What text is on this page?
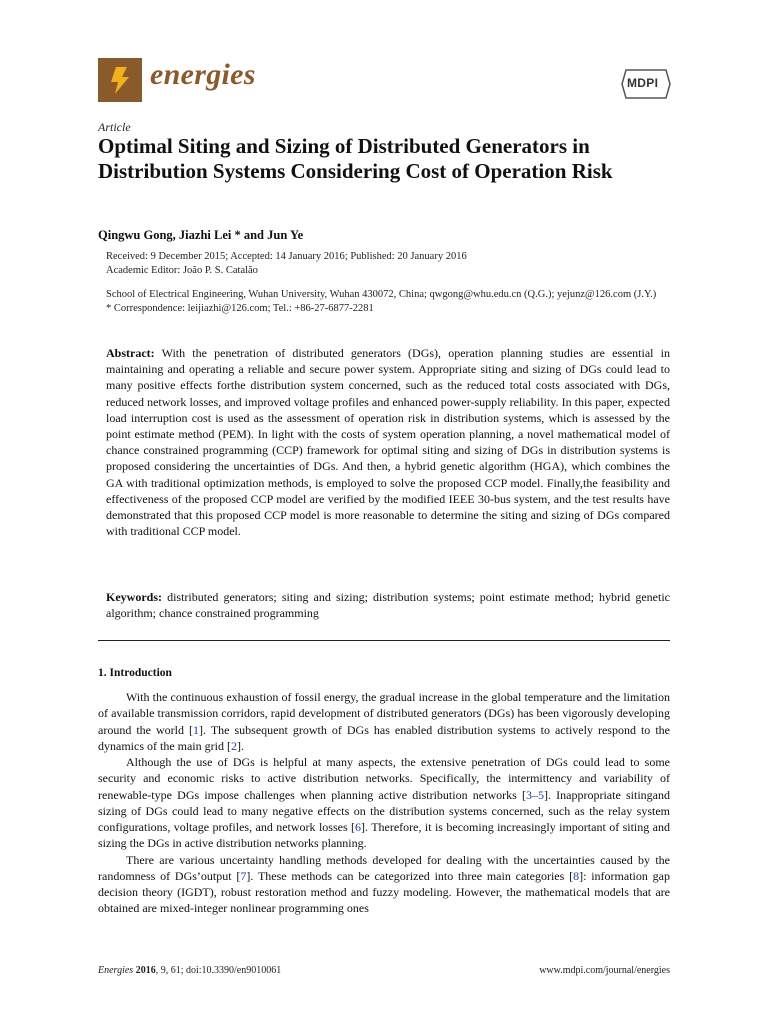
energies	MDPI
Article
Optimal Siting and Sizing of Distributed Generators in Distribution Systems Considering Cost of Operation Risk
Qingwu Gong, Jiazhi Lei * and Jun Ye
Received: 9 December 2015; Accepted: 14 January 2016; Published: 20 January 2016
Academic Editor: João P. S. Catalão
School of Electrical Engineering, Wuhan University, Wuhan 430072, China; qwgong@whu.edu.cn (Q.G.); yejunz@126.com (J.Y.)
* Correspondence: leijiazhi@126.com; Tel.: +86-27-6877-2281
Abstract: With the penetration of distributed generators (DGs), operation planning studies are essential in maintaining and operating a reliable and secure power system. Appropriate siting and sizing of DGs could lead to many positive effects forthe distribution system concerned, such as the reduced total costs associated with DGs, reduced network losses, and improved voltage profiles and enhanced power-supply reliability. In this paper, expected load interruption cost is used as the assessment of operation risk in distribution systems, which is assessed by the point estimate method (PEM). In light with the costs of system operation planning, a novel mathematical model of chance constrained programming (CCP) framework for optimal siting and sizing of DGs in distribution systems is proposed considering the uncertainties of DGs. And then, a hybrid genetic algorithm (HGA), which combines the GA with traditional optimization methods, is employed to solve the proposed CCP model. Finally,the feasibility and effectiveness of the proposed CCP model are verified by the modified IEEE 30-bus system, and the test results have demonstrated that this proposed CCP model is more reasonable to determine the siting and sizing of DGs compared with traditional CCP model.
Keywords: distributed generators; siting and sizing; distribution systems; point estimate method; hybrid genetic algorithm; chance constrained programming
1. Introduction

With the continuous exhaustion of fossil energy, the gradual increase in the global temperature and the limitation of available transmission corridors, rapid development of distributed generators (DGs) has been vigorously developing around the world [1]. The subsequent growth of DGs has enabled distribution systems to actively respond to the dynamics of the main grid [2].

Although the use of DGs is helpful at many aspects, the extensive penetration of DGs could lead to some security and economic risks to active distribution networks. Specifically, the intermittency and variability of renewable-type DGs impose challenges when planning active distribution networks [3–5]. Inappropriate sitingand sizing of DGs could lead to many negative effects on the distribution systems concerned, such as the relay system configurations, voltage profiles, and network losses [6]. Therefore, it is becoming increasingly important of siting and sizing the DGs in active distribution networks planning.

There are various uncertainty handling methods developed for dealing with the uncertainties caused by the randomness of DGs’output [7]. These methods can be categorized into three main categories [8]: information gap decision theory (IGDT), robust restoration method and fuzzy modeling. However, the mathematical models that are obtained are mixed-integer nonlinear programming ones

Energies 2016, 9, 61; doi:10.3390/en9010061	www.mdpi.com/journal/energies
